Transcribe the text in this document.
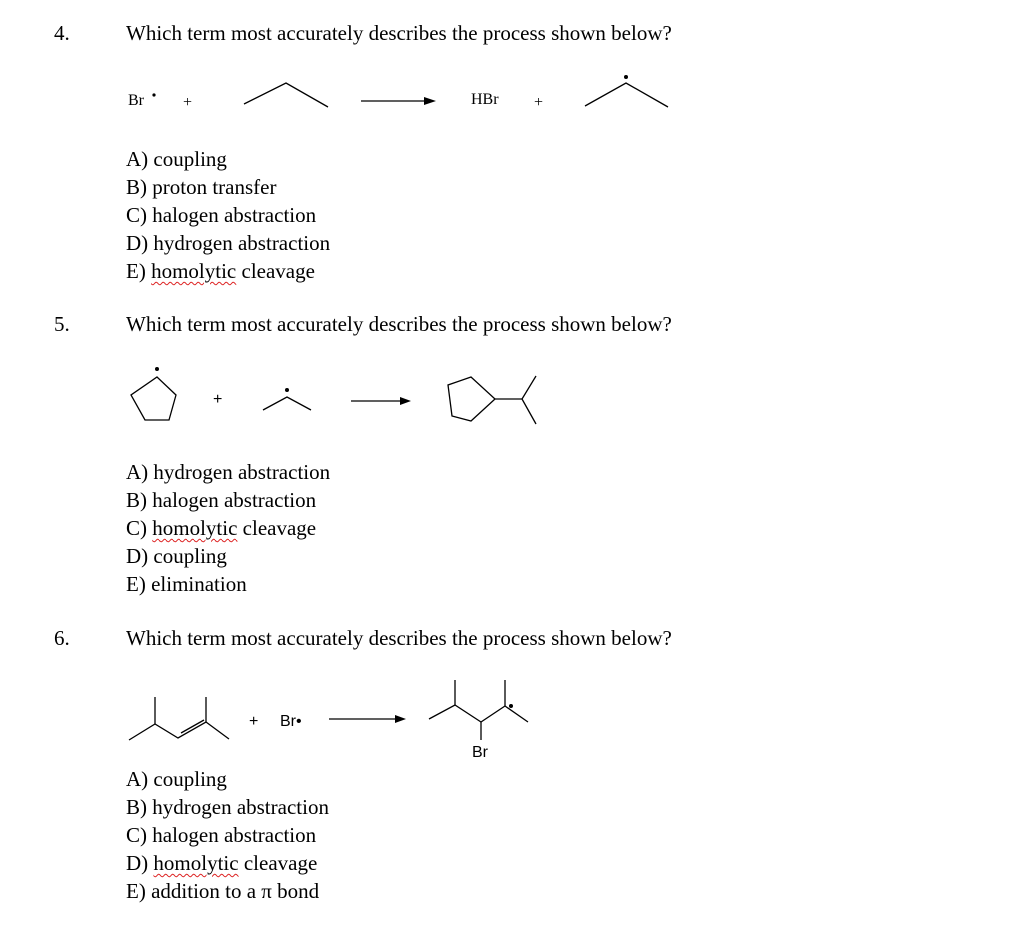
4.	Which term most accurately describes the process shown below?
Br +	HBr +
A) coupling
B) proton transfer
C) halogen abstraction
D) hydrogen abstraction
E) homolytic cleavage
5.	Which term most accurately describes the process shown below?
+
A) hydrogen abstraction
B) halogen abstraction
C) homolytic cleavage
D) coupling
E) elimination
6.	Which term most accurately describes the process shown below?
+ Br•
Br
A) coupling
B) hydrogen abstraction
C) halogen abstraction
D) homolytic cleavage
E) addition to a π bond
